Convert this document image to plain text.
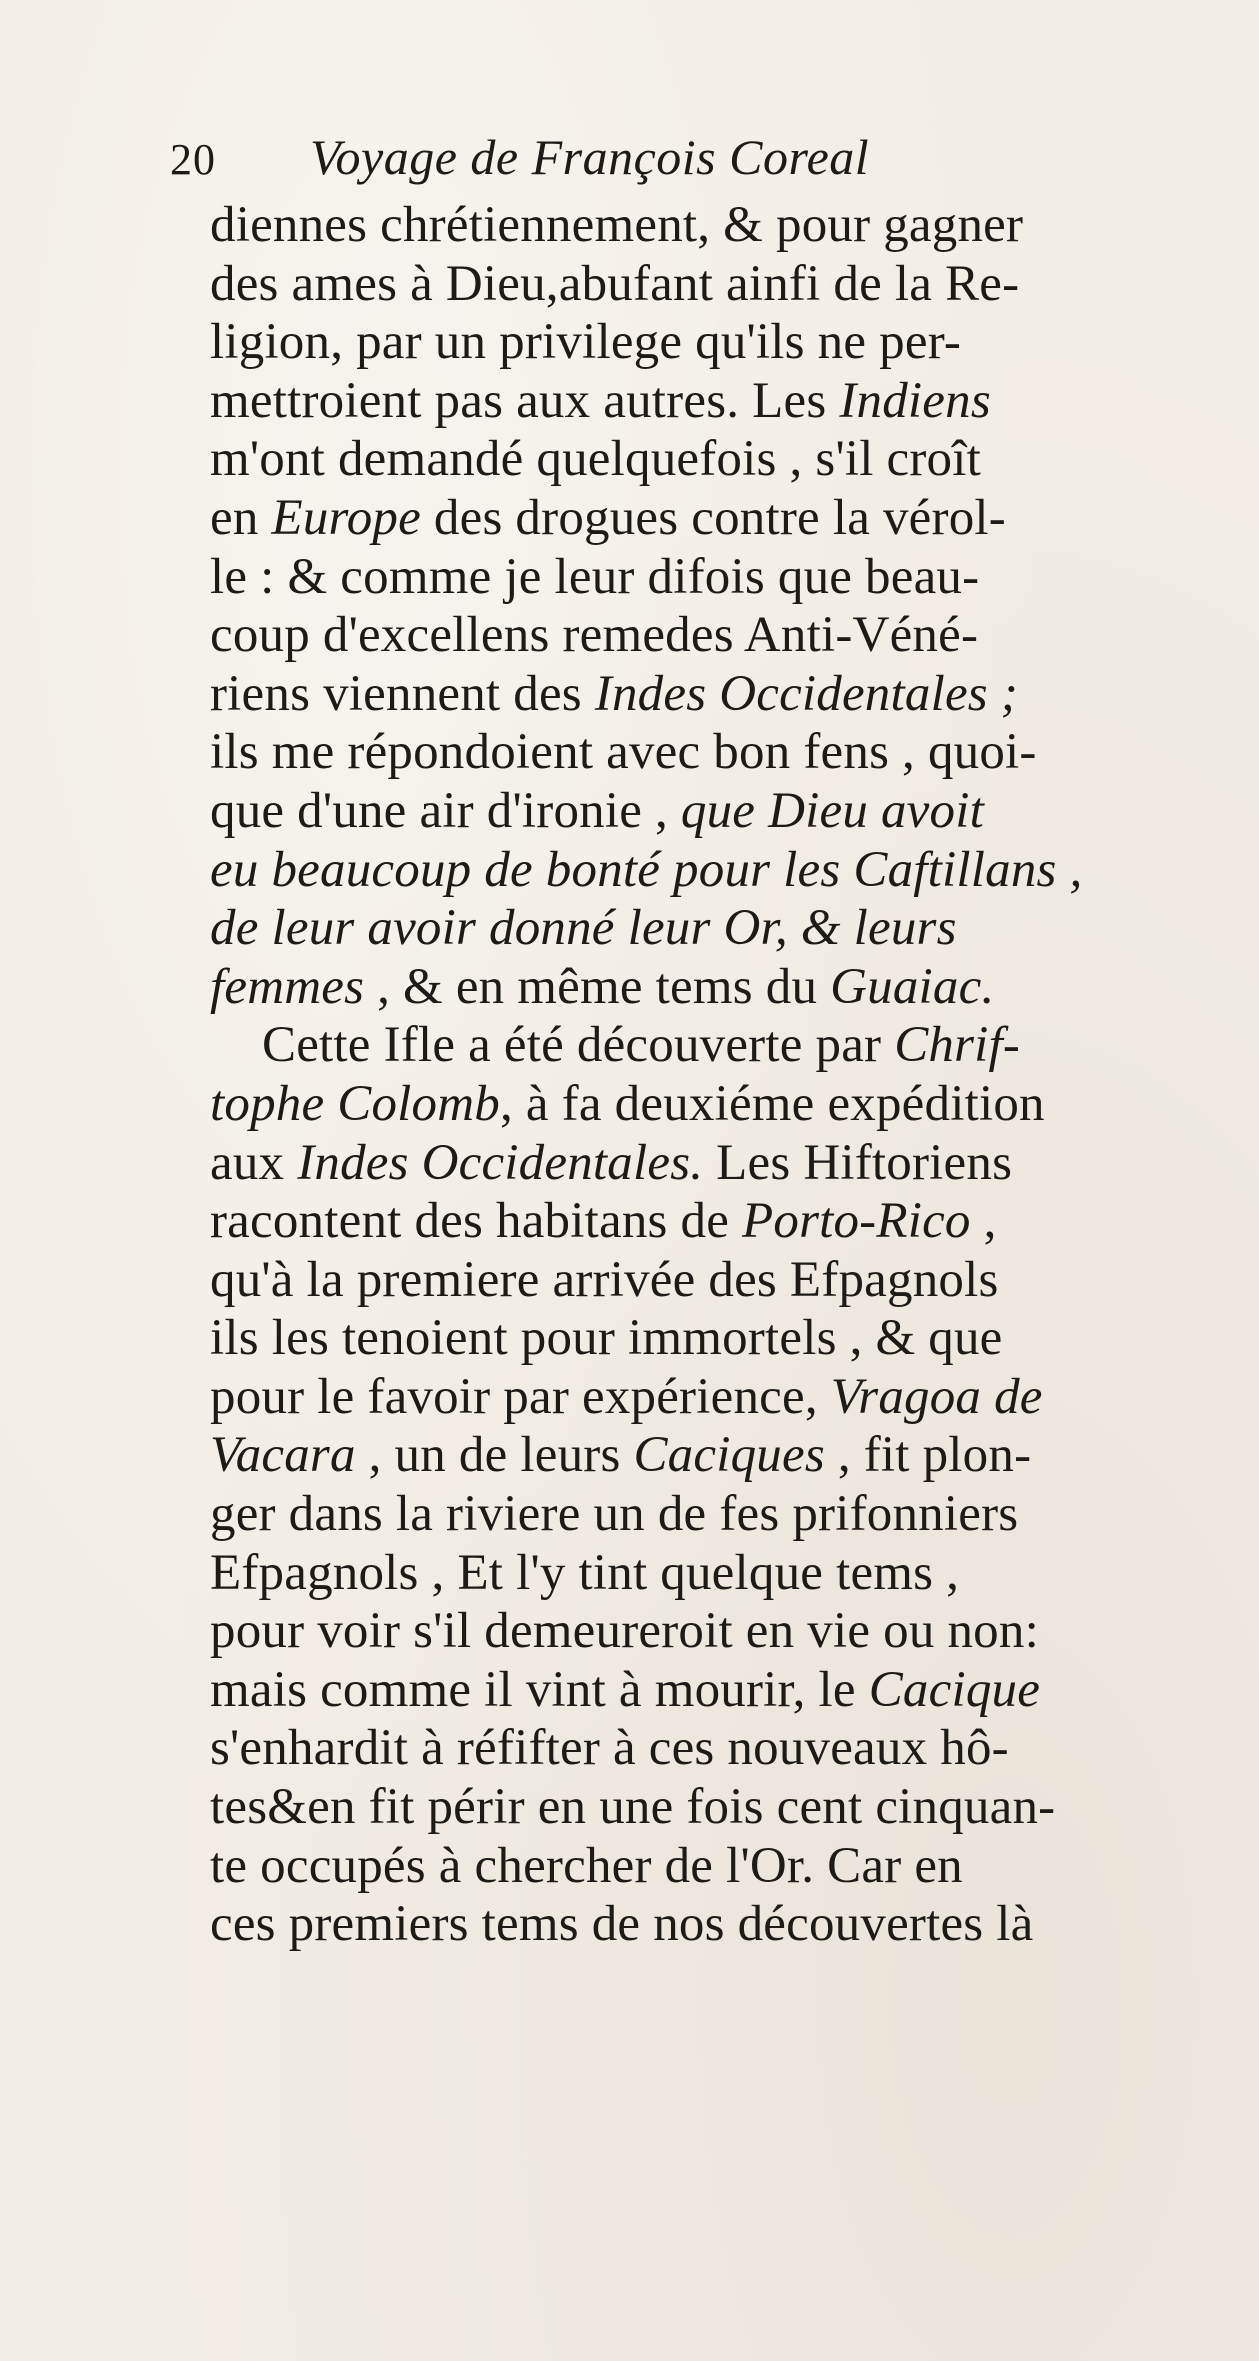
20	Voyage de François Coreal
diennes chrétiennement, & pour gagner
des ames à Dieu,abufant ainfi de la Re-
ligion, par un privilege qu'ils ne per-
mettroient pas aux autres. Les Indiens
m'ont demandé quelquefois , s'il croît
en Europe des drogues contre la vérol-
le : & comme je leur difois que beau-
coup d'excellens remedes Anti-Véné-
riens viennent des Indes Occidentales ;
ils me répondoient avec bon fens , quoi-
que d'une air d'ironie , que Dieu avoit
eu beaucoup de bonté pour les Caftillans ,
de leur avoir donné leur Or, & leurs
femmes , & en même tems du Guaiac.
Cette Ifle a été découverte par Chrif-
tophe Colomb, à fa deuxiéme expédition
aux Indes Occidentales. Les Hiftoriens
racontent des habitans de Porto-Rico ,
qu'à la premiere arrivée des Efpagnols
ils les tenoient pour immortels , & que
pour le favoir par expérience, Vragoa de
Vacara , un de leurs Caciques , fit plon-
ger dans la riviere un de fes prifonniers
Efpagnols , Et l'y tint quelque tems ,
pour voir s'il demeureroit en vie ou non:
mais comme il vint à mourir, le Cacique
s'enhardit à réfifter à ces nouveaux hô-
tes&en fit périr en une fois cent cinquan-
te occupés à chercher de l'Or. Car en
ces premiers tems de nos découvertes là
